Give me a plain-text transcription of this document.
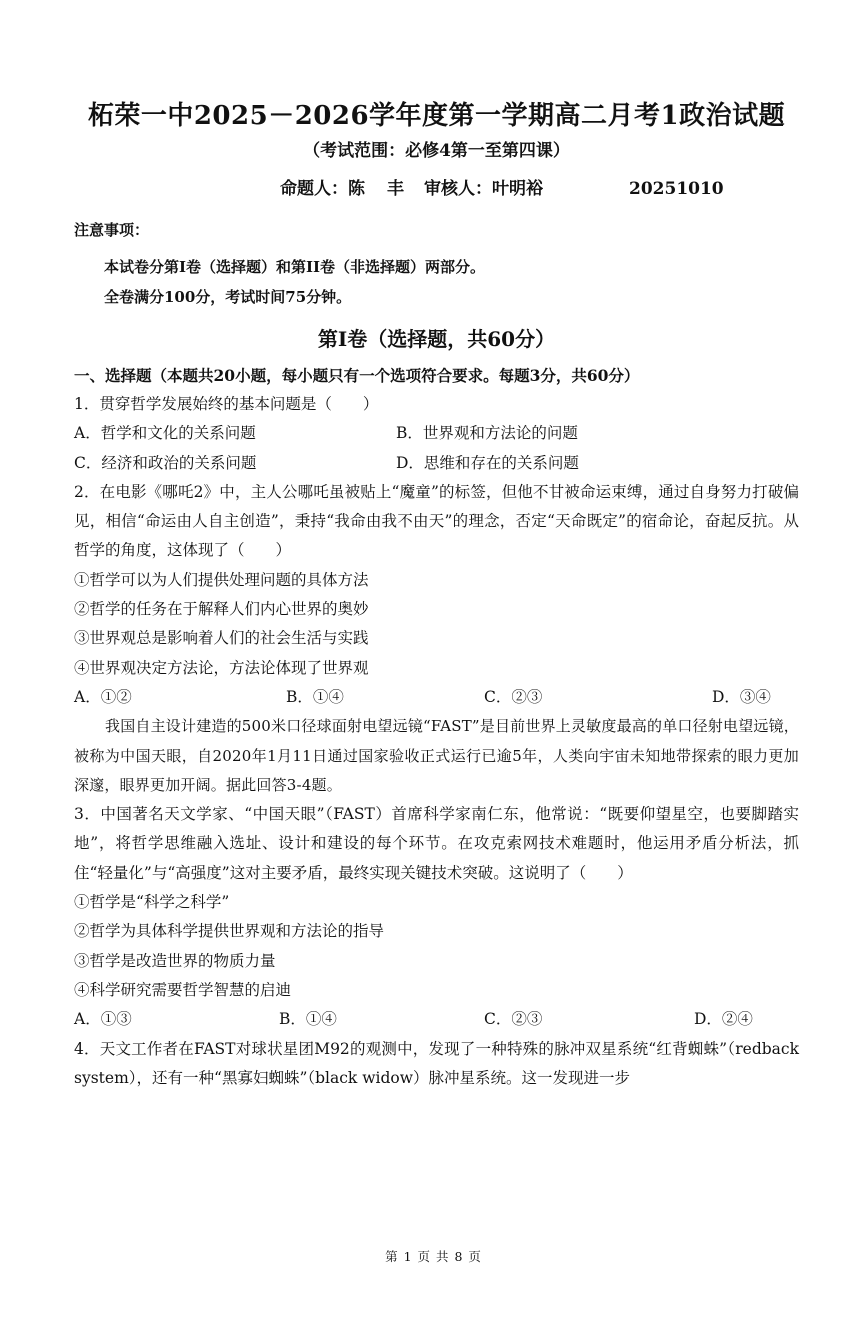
柘荣一中2025－2026学年度第一学期高二月考1政治试题
（考试范围：必修4第一至第四课）
命题人：陈 丰 审核人：叶明裕	20251010
注意事项：
本试卷分第I卷（选择题）和第II卷（非选择题）两部分。
全卷满分100分，考试时间75分钟。
第Ⅰ卷（选择题，共60分）
一、选择题（本题共20小题，每小题只有一个选项符合要求。每题3分，共60分）
1．贯穿哲学发展始终的基本问题是（　　）
A．哲学和文化的关系问题	B．世界观和方法论的问题
C．经济和政治的关系问题	D．思维和存在的关系问题
2．在电影《哪吒2》中，主人公哪吒虽被贴上“魔童”的标签，但他不甘被命运束缚，通过自身努力打破偏见，相信“命运由人自主创造”，秉持“我命由我不由天”的理念，否定“天命既定”的宿命论，奋起反抗。从哲学的角度，这体现了（　　）
①哲学可以为人们提供处理问题的具体方法
②哲学的任务在于解释人们内心世界的奥妙
③世界观总是影响着人们的社会生活与实践
④世界观决定方法论，方法论体现了世界观
A．①②	B．①④	C．②③	D．③④
我国自主设计建造的500米口径球面射电望远镜“FAST”是目前世界上灵敏度最高的单口径射电望远镜，被称为中国天眼，自2020年1月11日通过国家验收正式运行已逾5年，人类向宇宙未知地带探索的眼力更加深邃，眼界更加开阔。据此回答3-4题。
3．中国著名天文学家、“中国天眼”（FAST）首席科学家南仁东，他常说：“既要仰望星空，也要脚踏实地”，将哲学思维融入选址、设计和建设的每个环节。在攻克索网技术难题时，他运用矛盾分析法，抓住“轻量化”与“高强度”这对主要矛盾，最终实现关键技术突破。这说明了（　　）
①哲学是“科学之科学”
②哲学为具体科学提供世界观和方法论的指导
③哲学是改造世界的物质力量
④科学研究需要哲学智慧的启迪
A．①③	B．①④	C．②③	D．②④
4．天文工作者在FAST对球状星团M92的观测中，发现了一种特殊的脉冲双星系统“红背蜘蛛”（redback system），还有一种“黑寡妇蜘蛛”（black widow）脉冲星系统。这一发现进一步
第 1 页 共 8 页
